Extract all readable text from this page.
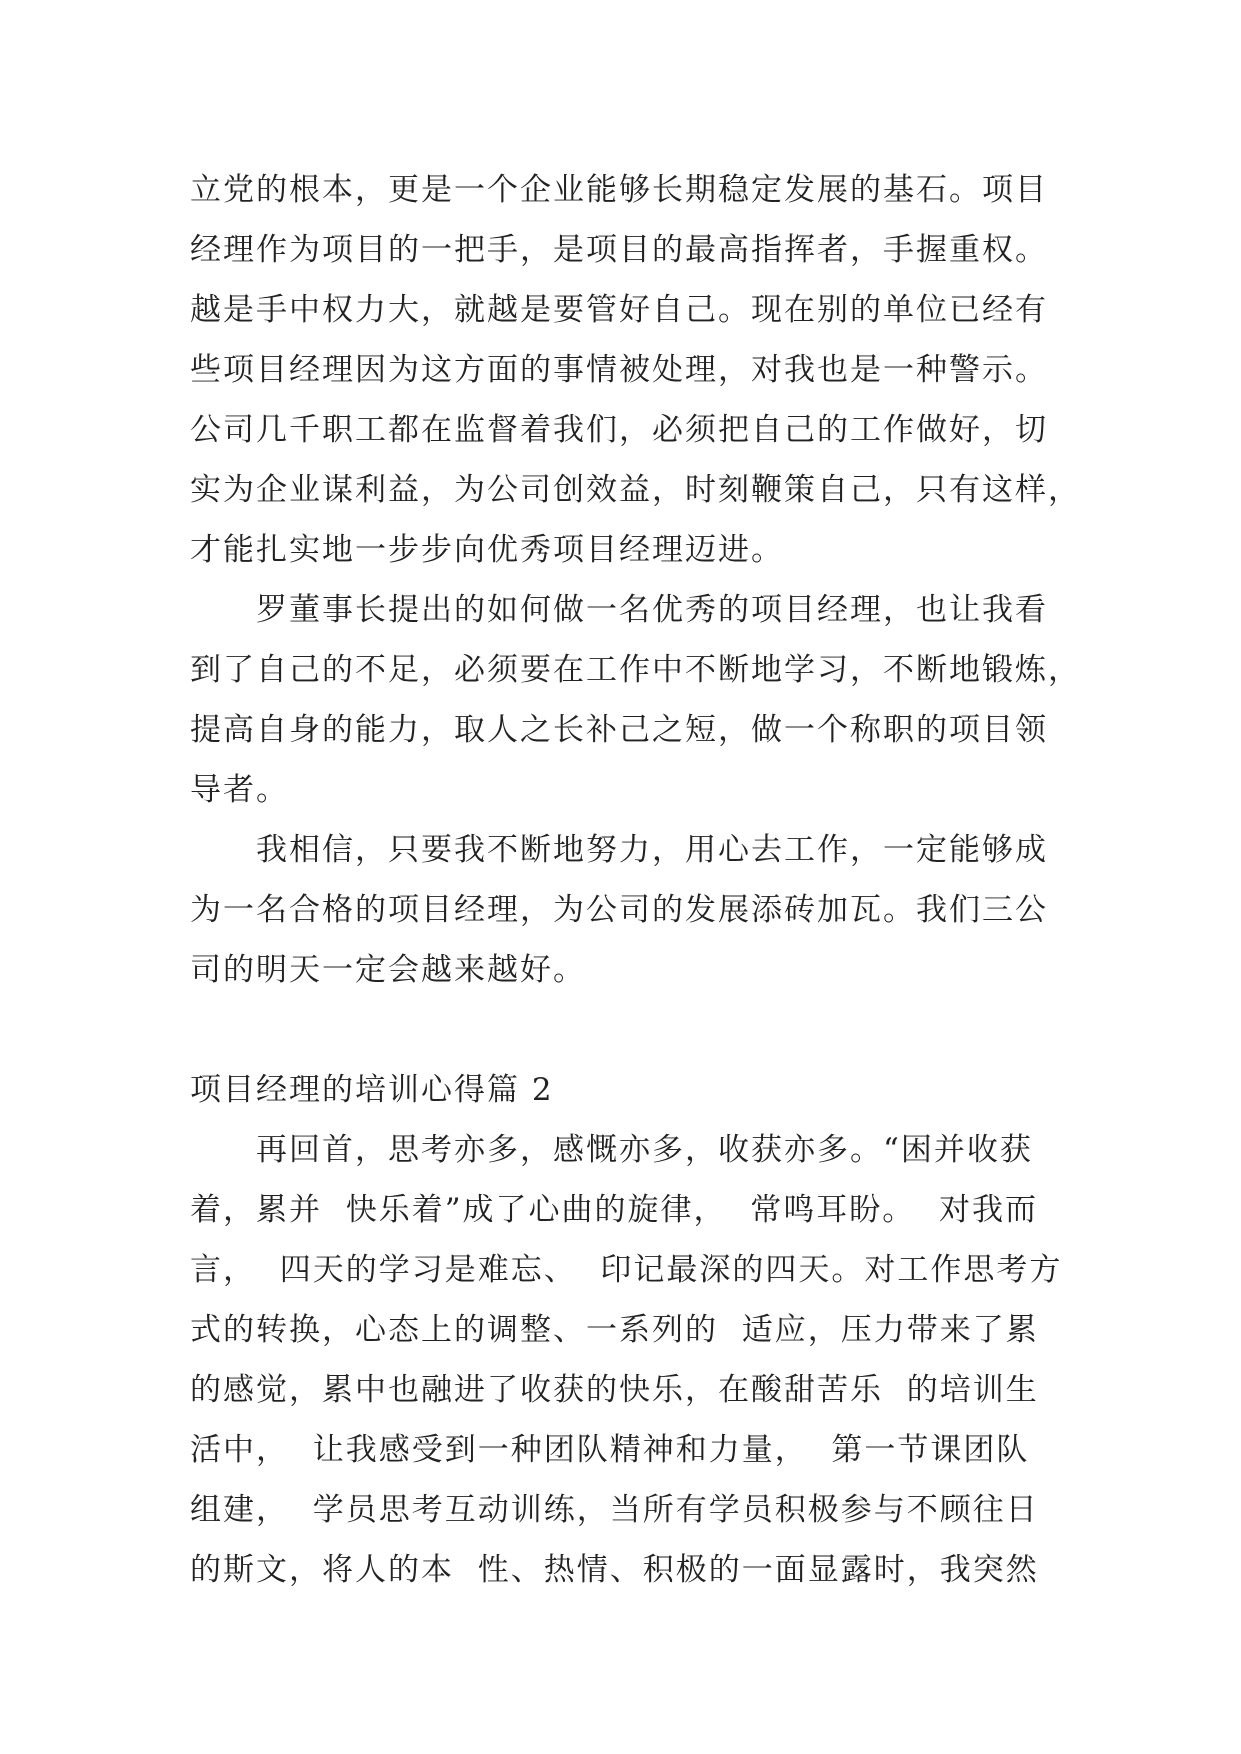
立党的根本，更是一个企业能够长期稳定发展的基石。项目
经理作为项目的一把手，是项目的最高指挥者，手握重权。
越是手中权力大，就越是要管好自己。现在别的单位已经有
些项目经理因为这方面的事情被处理，对我也是一种警示。
公司几千职工都在监督着我们，必须把自己的工作做好，切
实为企业谋利益，为公司创效益，时刻鞭策自己，只有这样，
才能扎实地一步步向优秀项目经理迈进。
　　罗董事长提出的如何做一名优秀的项目经理，也让我看
到了自己的不足，必须要在工作中不断地学习，不断地锻炼，
提高自身的能力，取人之长补己之短，做一个称职的项目领
导者。
　　我相信，只要我不断地努力，用心去工作，一定能够成
为一名合格的项目经理，为公司的发展添砖加瓦。我们三公
司的明天一定会越来越好。
项目经理的培训心得篇 2
　　再回首，思考亦多，感慨亦多，收获亦多。“困并收获
着，累并  快乐着”成了心曲的旋律，  常鸣耳盼。  对我而
言，  四天的学习是难忘、  印记最深的四天。对工作思考方
式的转换，心态上的调整、一系列的  适应，压力带来了累
的感觉，累中也融进了收获的快乐，在酸甜苦乐  的培训生
活中，  让我感受到一种团队精神和力量，  第一节课团队
组建，  学员思考互动训练，当所有学员积极参与不顾往日
的斯文，将人的本  性、热情、积极的一面显露时，我突然
